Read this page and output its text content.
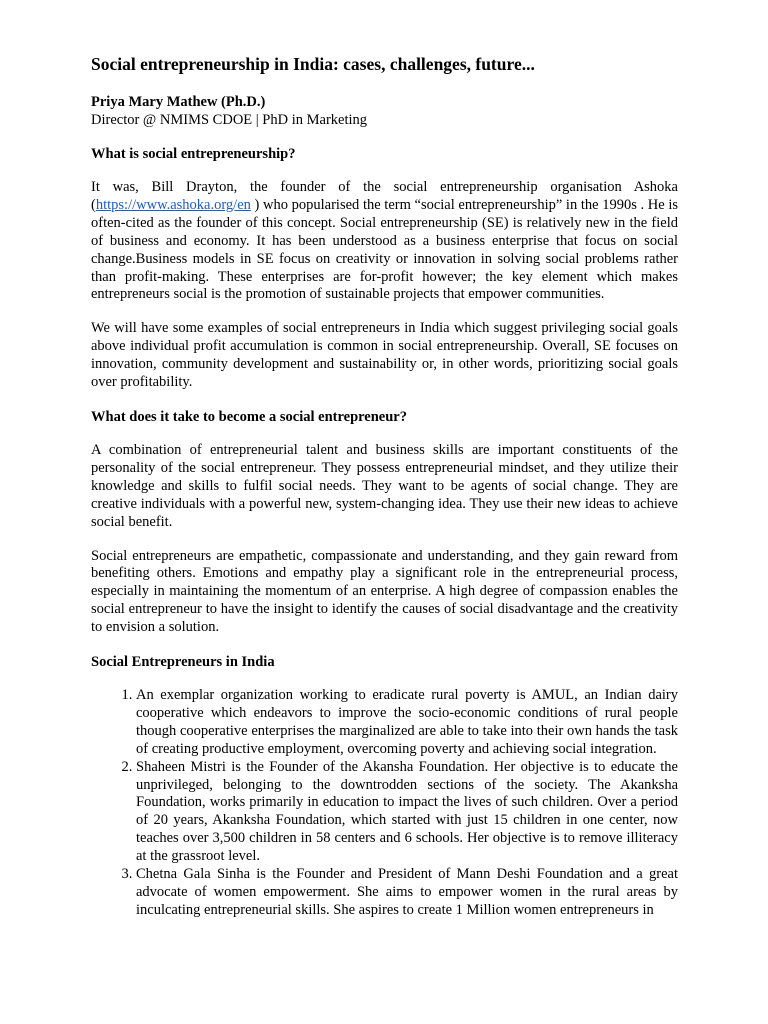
Social entrepreneurship in India: cases, challenges, future...
Priya Mary Mathew (Ph.D.)
Director @ NMIMS CDOE | PhD in Marketing
What is social entrepreneurship?

It was, Bill Drayton, the founder of the social entrepreneurship organisation Ashoka (https://www.ashoka.org/en ) who popularised the term “social entrepreneurship” in the 1990s . He is often-cited as the founder of this concept. Social entrepreneurship (SE) is relatively new in the field of business and economy. It has been understood as a business enterprise that focus on social change.Business models in SE focus on creativity or innovation in solving social problems rather than profit-making. These enterprises are for-profit however; the key element which makes entrepreneurs social is the promotion of sustainable projects that empower communities.

We will have some examples of social entrepreneurs in India which suggest privileging social goals above individual profit accumulation is common in social entrepreneurship. Overall, SE focuses on innovation, community development and sustainability or, in other words, prioritizing social goals over profitability.

What does it take to become a social entrepreneur?

A combination of entrepreneurial talent and business skills are important constituents of the personality of the social entrepreneur. They possess entrepreneurial mindset, and they utilize their knowledge and skills to fulfil social needs. They want to be agents of social change. They are creative individuals with a powerful new, system-changing idea. They use their new ideas to achieve social benefit.

Social entrepreneurs are empathetic, compassionate and understanding, and they gain reward from benefiting others. Emotions and empathy play a significant role in the entrepreneurial process, especially in maintaining the momentum of an enterprise. A high degree of compassion enables the social entrepreneur to have the insight to identify the causes of social disadvantage and the creativity to envision a solution.

Social Entrepreneurs in India
1. An exemplar organization working to eradicate rural poverty is AMUL, an Indian dairy cooperative which endeavors to improve the socio-economic conditions of rural people though cooperative enterprises the marginalized are able to take into their own hands the task of creating productive employment, overcoming poverty and achieving social integration.
2. Shaheen Mistri is the Founder of the Akansha Foundation. Her objective is to educate the unprivileged, belonging to the downtrodden sections of the society. The Akanksha Foundation, works primarily in education to impact the lives of such children. Over a period of 20 years, Akanksha Foundation, which started with just 15 children in one center, now teaches over 3,500 children in 58 centers and 6 schools. Her objective is to remove illiteracy at the grassroot level.
3. Chetna Gala Sinha is the Founder and President of Mann Deshi Foundation and a great advocate of women empowerment. She aims to empower women in the rural areas by inculcating entrepreneurial skills. She aspires to create 1 Million women entrepreneurs in
